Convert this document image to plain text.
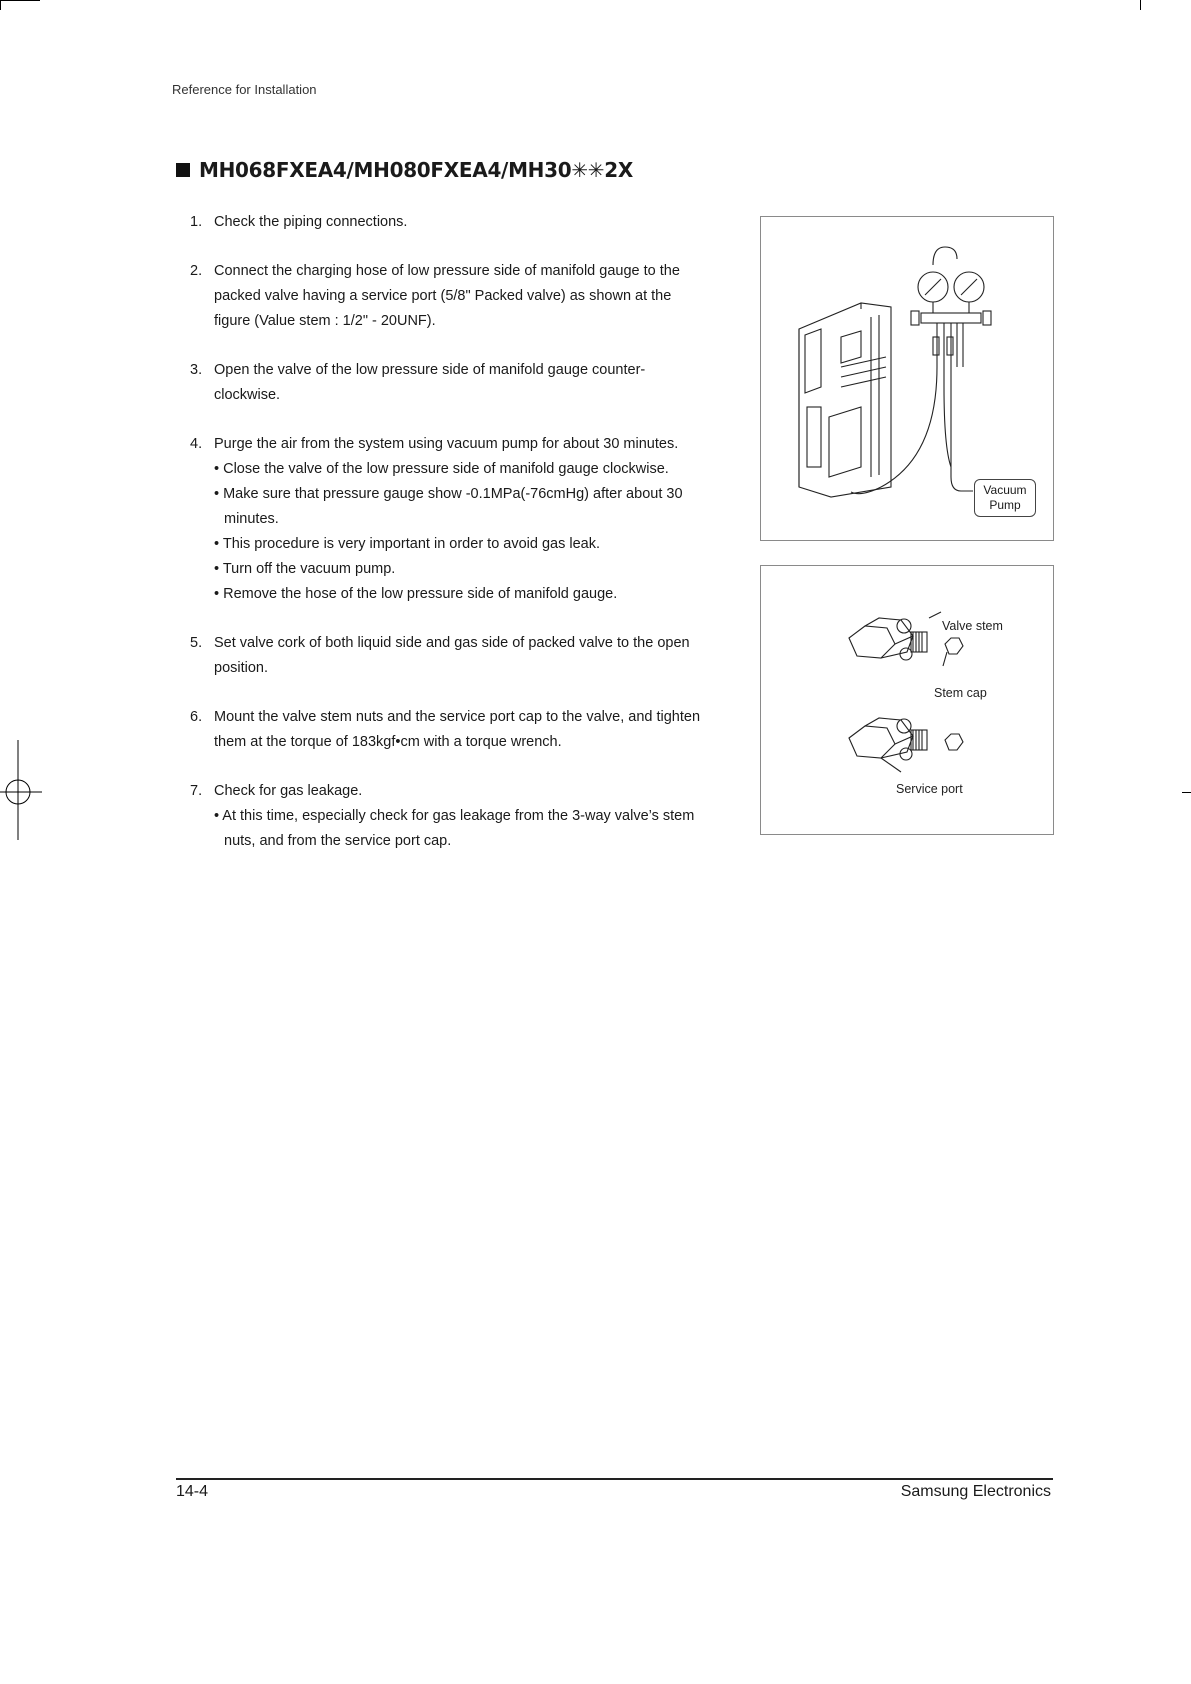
Reference for Installation
MH068FXEA4/MH080FXEA4/MH30✳✳2X
1. Check the piping connections.
2. Connect the charging hose of low pressure side of manifold gauge to the packed valve having a service port (5/8" Packed valve) as shown at the figure (Value stem : 1/2" - 20UNF).
3. Open the valve of the low pressure side of manifold gauge counter-clockwise.
4. Purge the air from the system using vacuum pump for about 30 minutes.
• Close the valve of the low pressure side of manifold gauge clockwise.
• Make sure that pressure gauge show -0.1MPa(-76cmHg) after about 30 minutes.
• This procedure is very important in order to avoid gas leak.
• Turn off the vacuum pump.
• Remove the hose of the low pressure side of manifold gauge.
5. Set valve cork of both liquid side and gas side of packed valve to the open position.
6. Mount the valve stem nuts and the service port cap to the valve, and tighten them at the torque of 183kgf•cm with a torque wrench.
7. Check for gas leakage.
• At this time, especially check for gas leakage from the 3-way valve’s stem nuts, and from the service port cap.
Vacuum
Pump
Valve stem
Stem cap
Service port
14-4	Samsung Electronics
